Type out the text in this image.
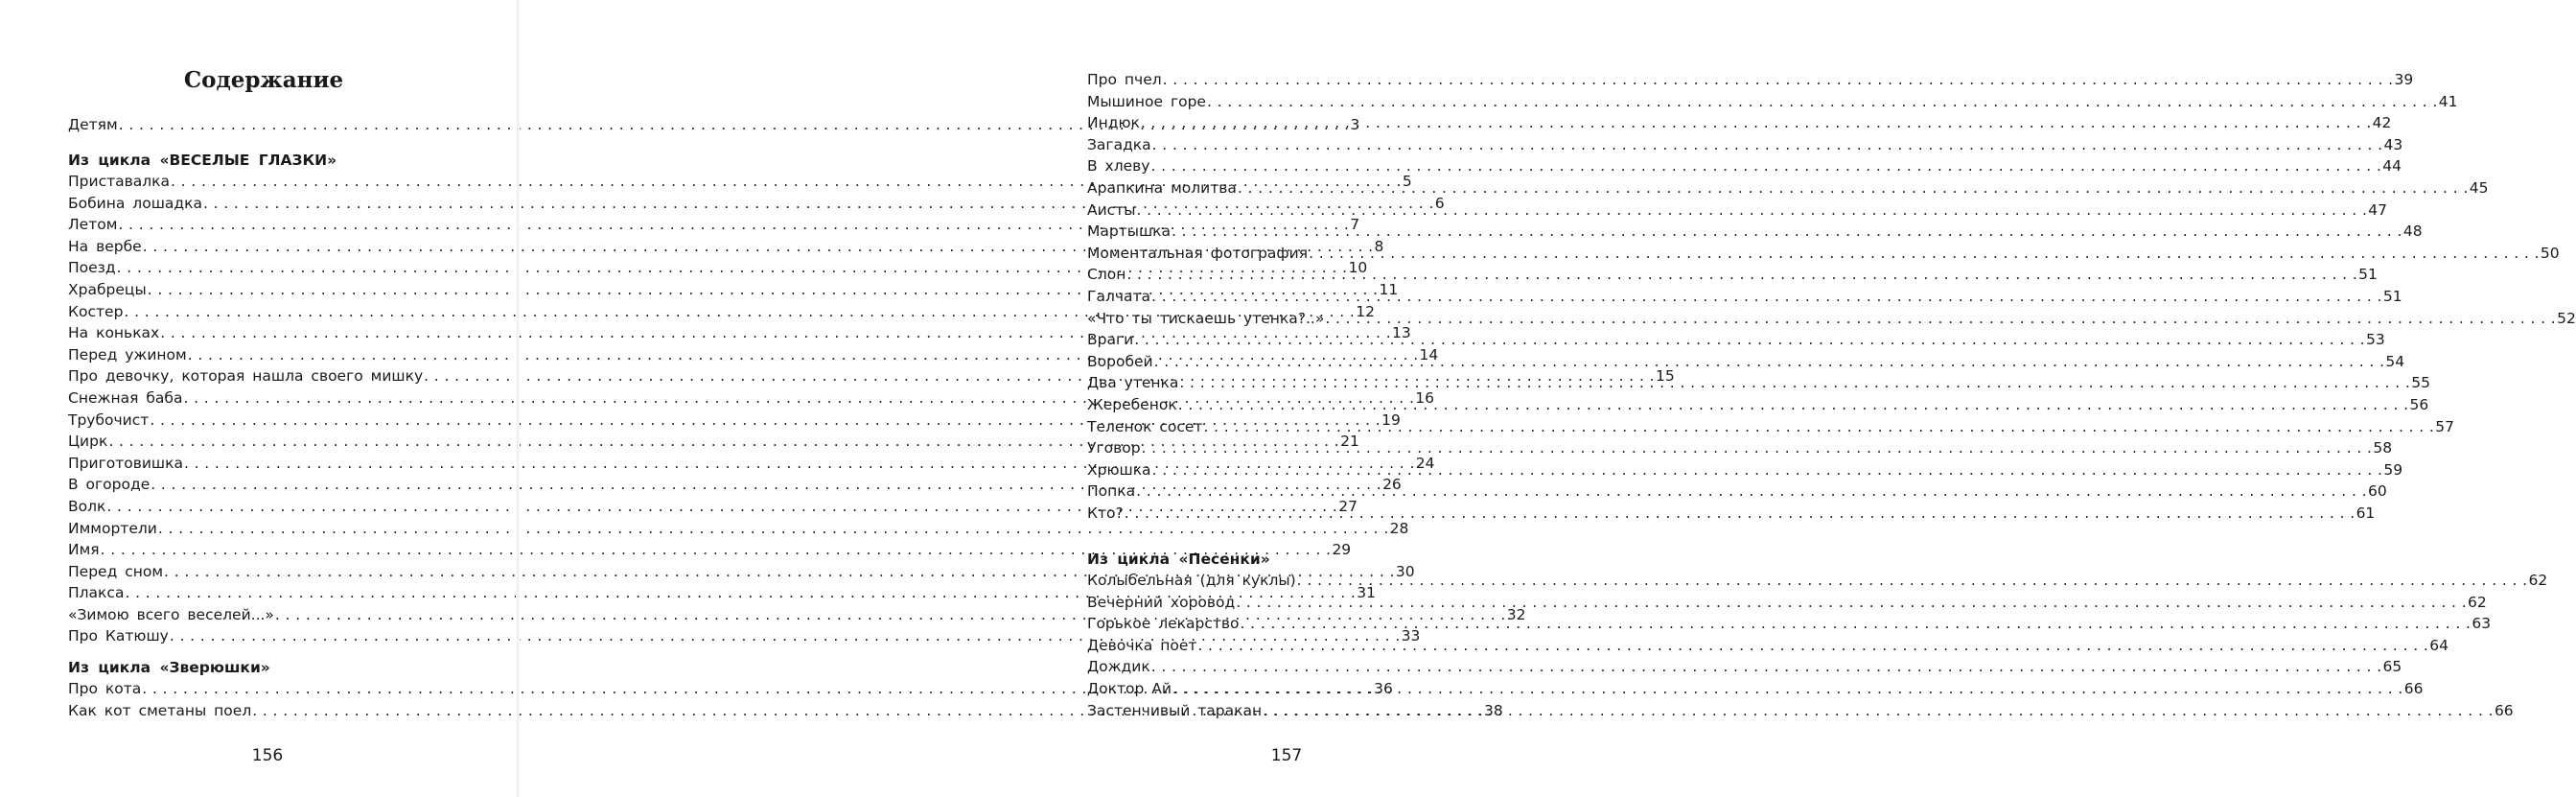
Содержание
Детям . . .	3
Из цикла «ВЕСЕЛЫЕ ГЛАЗКИ»
Приставалка . . .	5
Бобина лошадка . . .	6
Летом . . .	7
На вербе . . .	8
Поезд . . .	10
Храбрецы . . .	11
Костер . . .	12
На коньках . . .	13
Перед ужином . . .	14
Про девочку, которая нашла своего мишку . . .	15
Снежная баба . . .	16
Трубочист . . .	19
Цирк . . .	21
Приготовишка . . .	24
В огороде . . .	26
Волк . . .	27
Иммортели . . .	28
Имя . . .	29
Перед сном . . .	30
Плакса . . .	31
«Зимою всего веселей...» . . .	32
Про Катюшу . . .	33
Из цикла «Зверюшки»
Про кота . . .	36
Как кот сметаны поел . . .	38
156
Про пчел . . .	39
Мышиное горе . . .	41
Индюк . . .	42
Загадка . . .	43
В хлеву . . .	44
Арапкина молитва . . .	45
Аисты . . .	47
Мартышка . . .	48
Моментальная фотография . . .	50
Слон . . .	51
Галчата . . .	51
«Что ты тискаешь утенка?..» . . .	52
Враги . . .	53
Воробей . . .	54
Два утенка . . .	55
Жеребенок . . .	56
Теленок сосет . . .	57
Уговор . . .	58
Хрюшка . . .	59
Попка . . .	60
Кто? . . .	61
Из цикла «Песенки»
Колыбельная (для куклы) . . .	62
Вечерний хоровод . . .	62
Горькое лекарство . . .	63
Девочка поет . . .	64
Дождик . . .	65
Доктор Ай . . .	66
Застенчивый таракан . . .	66
157
